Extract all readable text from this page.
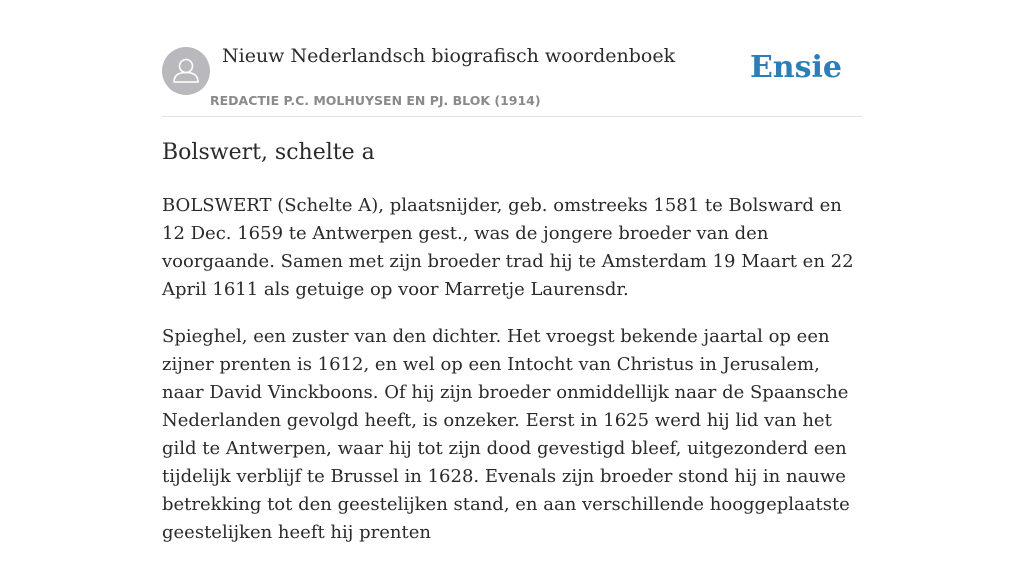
Nieuw Nederlandsch biografisch woordenboek
REDACTIE P.C. MOLHUYSEN EN PJ. BLOK (1914)
Ensie
Bolswert, schelte a

BOLSWERT (Schelte A), plaatsnijder, geb. omstreeks 1581 te Bolsward en 12 Dec. 1659 te Antwerpen gest., was de jongere broeder van den voorgaande. Samen met zijn broeder trad hij te Amsterdam 19 Maart en 22 April 1611 als getuige op voor Marretje Laurensdr.

Spieghel, een zuster van den dichter. Het vroegst bekende jaartal op een zijner prenten is 1612, en wel op een Intocht van Christus in Jerusalem, naar David Vinckboons. Of hij zijn broeder onmiddellijk naar de Spaansche Nederlanden gevolgd heeft, is onzeker. Eerst in 1625 werd hij lid van het gild te Antwerpen, waar hij tot zijn dood gevestigd bleef, uitgezonderd een tijdelijk verblijf te Brussel in 1628. Evenals zijn broeder stond hij in nauwe betrekking tot den geestelijken stand, en aan verschillende hooggeplaatste geestelijken heeft hij prenten
